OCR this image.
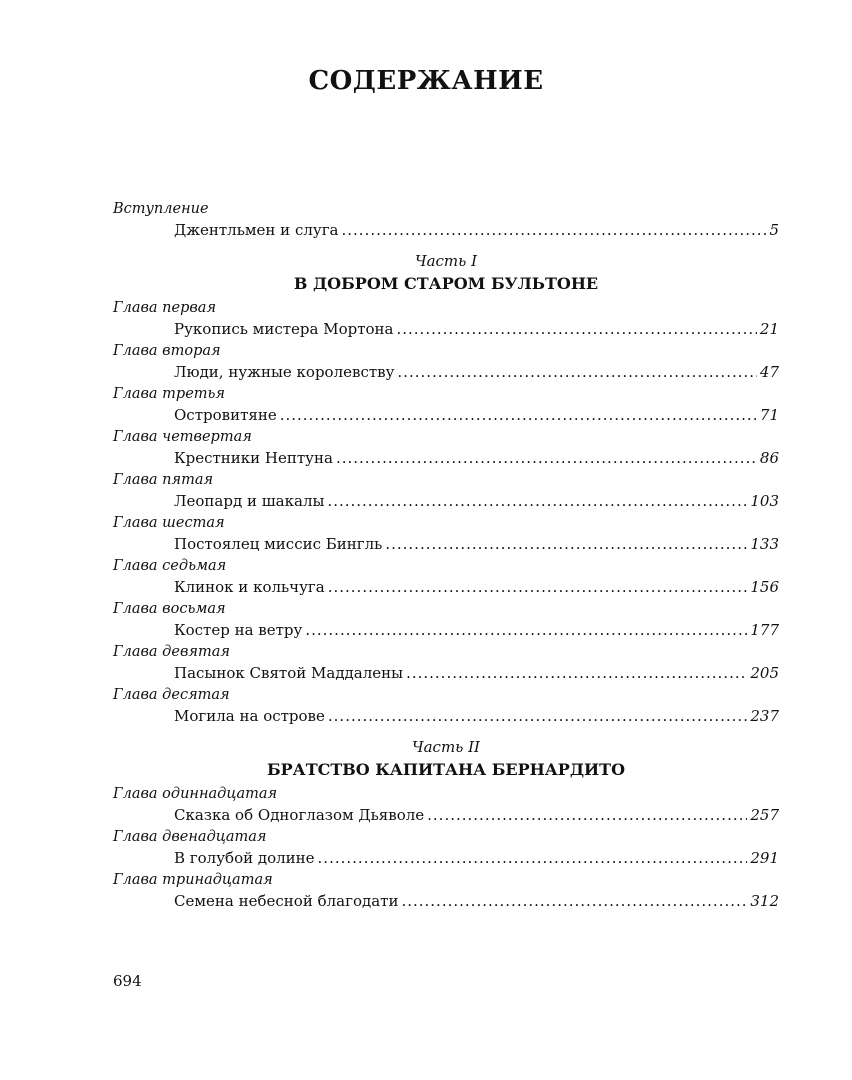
СОДЕРЖАНИЕ
Вступление
Джентльмен и слуга .....	5
Часть I
В ДОБРОМ СТАРОМ БУЛЬТОНЕ
Глава первая
Рукопись мистера Мортона .....	21
Глава вторая
Люди, нужные королевству .....	47
Глава третья
Островитяне .....	71
Глава четвертая
Крестники Нептуна .....	86
Глава пятая
Леопард и шакалы .....	103
Глава шестая
Постоялец миссис Бингль .....	133
Глава седьмая
Клинок и кольчуга .....	156
Глава восьмая
Костер на ветру .....	177
Глава девятая
Пасынок Святой Маддалены .....	205
Глава десятая
Могила на острове .....	237
Часть II
БРАТСТВО КАПИТАНА БЕРНАРДИТО
Глава одиннадцатая
Сказка об Одноглазом Дьяволе .....	257
Глава двенадцатая
В голубой долине .....	291
Глава тринадцатая
Семена небесной благодати .....	312
694
